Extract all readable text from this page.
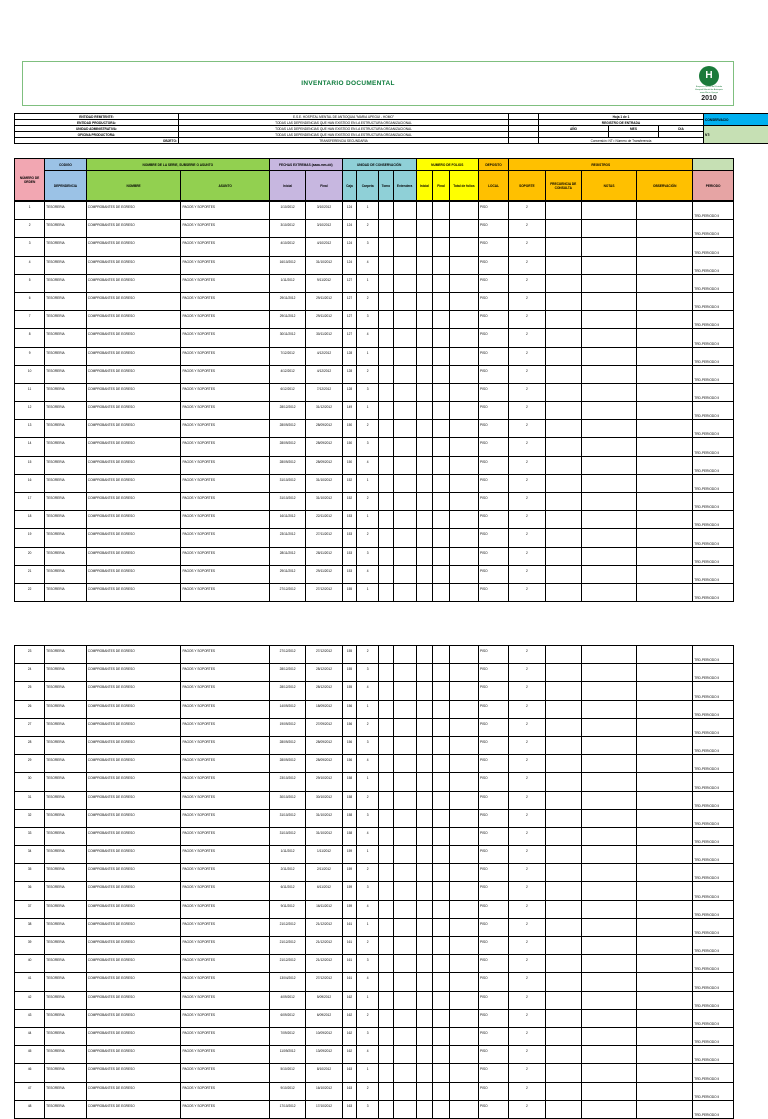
INVENTARIO DOCUMENTAL
H
Empresa Social del Estado
Hospital Mental de Antioquia
www.Maria Upegui
2010
ENTIDAD REMITENTE:	E.S.E. HOSPITAL MENTAL DE ANTIOQUIA "MARIA UPEGUI - HOMO"		Hoja 1 de 1			CONSERVACIO
ENTIDAD PRODUCTORA:	TODAS LAS DEPENDENCIAS QUE HAN EXISTIDO EN LA ESTRUCTURA ORGANIZACIONAL		REGISTRO DE ENTRADA			
UNIDAD ADMINISTRATIVA:	TODAS LAS DEPENDENCIAS QUE HAN EXISTIDO EN LA ESTRUCTURA ORGANIZACIONAL		AÑO	MES	DIA	NT:
OFICINA PRODUCTORA:	TODAS LAS DEPENDENCIAS QUE HAN EXISTIDO EN LA ESTRUCTURA ORGANIZACIONAL					
OBJETO:	TRANSFERENCIA SECUNDARIA		Conversión: NT= Número de Transferencia			
NÚMERO DE ORDEN	CODIGO	NOMBRE DE LA SERIE, SUBSERIE O ASUNTO		FECHAS EXTREMAS (aaaa-mm-dd)		UNIDAD DE CONSERVACIÓN				NUMERO DE FOLIOS			DEPOSITO	REGISTROS				
	DEPENDENCIA	NOMBRE	ASUNTO	Inicial	Final	Caja	Carpeta	Tomo	Extendera	Inicial	Final	Total de folios	LOCAL	SOPORTE	FRECUENCIA DE CONSULTA	NOTAS	OBSERVACIÓN	PERIODO
1	TESORERIA	COMPROBANTES DE EGRESO	PAGOS Y SOPORTES	1/10/2012	3/10/2012	124	1						PISO	2				TRD-PERIODO II
2	TESORERIA	COMPROBANTES DE EGRESO	PAGOS Y SOPORTES	3/10/2012	3/10/2012	124	2						PISO	2				TRD-PERIODO II
3	TESORERIA	COMPROBANTES DE EGRESO	PAGOS Y SOPORTES	4/10/2012	4/10/2012	124	3						PISO	2				TRD-PERIODO II
4	TESORERIA	COMPROBANTES DE EGRESO	PAGOS Y SOPORTES	16/10/2012	31/10/2012	124	4						PISO	2				TRD-PERIODO II
5	TESORERIA	COMPROBANTES DE EGRESO	PAGOS Y SOPORTES	1/11/2012	9/11/2012	127	1						PISO	2				TRD-PERIODO II
6	TESORERIA	COMPROBANTES DE EGRESO	PAGOS Y SOPORTES	29/11/2012	29/11/2012	127	2						PISO	2				TRD-PERIODO II
7	TESORERIA	COMPROBANTES DE EGRESO	PAGOS Y SOPORTES	29/11/2012	29/11/2012	127	3						PISO	2				TRD-PERIODO II
8	TESORERIA	COMPROBANTES DE EGRESO	PAGOS Y SOPORTES	30/11/2012	30/11/2012	127	4						PISO	2				TRD-PERIODO II
9	TESORERIA	COMPROBANTES DE EGRESO	PAGOS Y SOPORTES	7/12/2012	4/12/2012	128	1						PISO	2				TRD-PERIODO II
10	TESORERIA	COMPROBANTES DE EGRESO	PAGOS Y SOPORTES	4/12/2012	4/12/2012	128	2						PISO	2				TRD-PERIODO II
11	TESORERIA	COMPROBANTES DE EGRESO	PAGOS Y SOPORTES	6/12/2012	7/12/2012	128	3						PISO	2				TRD-PERIODO II
12	TESORERIA	COMPROBANTES DE EGRESO	PAGOS Y SOPORTES	28/12/2012	31/12/2012	149	1						PISO	2				TRD-PERIODO II
13	TESORERIA	COMPROBANTES DE EGRESO	PAGOS Y SOPORTES	28/09/2012	28/09/2012	150	2						PISO	2				TRD-PERIODO II
14	TESORERIA	COMPROBANTES DE EGRESO	PAGOS Y SOPORTES	28/09/2012	28/09/2012	150	3						PISO	2				TRD-PERIODO II
15	TESORERIA	COMPROBANTES DE EGRESO	PAGOS Y SOPORTES	28/09/2012	28/09/2012	150	4						PISO	2				TRD-PERIODO II
16	TESORERIA	COMPROBANTES DE EGRESO	PAGOS Y SOPORTES	31/10/2012	31/10/2012	152	1						PISO	2				TRD-PERIODO II
17	TESORERIA	COMPROBANTES DE EGRESO	PAGOS Y SOPORTES	31/10/2012	31/10/2012	152	2						PISO	2				TRD-PERIODO II
18	TESORERIA	COMPROBANTES DE EGRESO	PAGOS Y SOPORTES	16/11/2012	22/11/2012	153	1						PISO	2				TRD-PERIODO II
19	TESORERIA	COMPROBANTES DE EGRESO	PAGOS Y SOPORTES	23/11/2012	27/11/2012	153	2						PISO	2				TRD-PERIODO II
20	TESORERIA	COMPROBANTES DE EGRESO	PAGOS Y SOPORTES	28/11/2012	28/11/2012	153	3						PISO	2				TRD-PERIODO II
21	TESORERIA	COMPROBANTES DE EGRESO	PAGOS Y SOPORTES	29/11/2012	29/11/2012	153	4						PISO	2				TRD-PERIODO II
22	TESORERIA	COMPROBANTES DE EGRESO	PAGOS Y SOPORTES	27/12/2012	27/12/2012	155	1						PISO	2				TRD-PERIODO II
23	TESORERIA	COMPROBANTES DE EGRESO	PAGOS Y SOPORTES	27/12/2012	27/12/2012	155	2						PISO	2				TRD-PERIODO II
24	TESORERIA	COMPROBANTES DE EGRESO	PAGOS Y SOPORTES	28/12/2012	28/12/2012	155	3						PISO	2				TRD-PERIODO II
25	TESORERIA	COMPROBANTES DE EGRESO	PAGOS Y SOPORTES	28/12/2012	28/12/2012	155	4						PISO	2				TRD-PERIODO II
26	TESORERIA	COMPROBANTES DE EGRESO	PAGOS Y SOPORTES	14/09/2012	18/09/2012	156	1						PISO	2				TRD-PERIODO II
27	TESORERIA	COMPROBANTES DE EGRESO	PAGOS Y SOPORTES	19/09/2012	27/09/2012	156	2						PISO	2				TRD-PERIODO II
28	TESORERIA	COMPROBANTES DE EGRESO	PAGOS Y SOPORTES	28/09/2012	28/09/2012	156	3						PISO	2				TRD-PERIODO II
29	TESORERIA	COMPROBANTES DE EGRESO	PAGOS Y SOPORTES	28/09/2012	28/09/2012	156	4						PISO	2				TRD-PERIODO II
30	TESORERIA	COMPROBANTES DE EGRESO	PAGOS Y SOPORTES	23/10/2012	29/10/2012	158	1						PISO	2				TRD-PERIODO II
31	TESORERIA	COMPROBANTES DE EGRESO	PAGOS Y SOPORTES	30/10/2012	30/10/2012	158	2						PISO	2				TRD-PERIODO II
32	TESORERIA	COMPROBANTES DE EGRESO	PAGOS Y SOPORTES	31/10/2012	31/10/2012	158	3						PISO	2				TRD-PERIODO II
33	TESORERIA	COMPROBANTES DE EGRESO	PAGOS Y SOPORTES	31/10/2012	31/10/2012	158	4						PISO	2				TRD-PERIODO II
34	TESORERIA	COMPROBANTES DE EGRESO	PAGOS Y SOPORTES	1/11/2012	1/11/2012	159	1						PISO	2				TRD-PERIODO II
35	TESORERIA	COMPROBANTES DE EGRESO	PAGOS Y SOPORTES	2/11/2012	2/11/2012	159	2						PISO	2				TRD-PERIODO II
36	TESORERIA	COMPROBANTES DE EGRESO	PAGOS Y SOPORTES	6/11/2012	6/11/2012	159	3						PISO	2				TRD-PERIODO II
37	TESORERIA	COMPROBANTES DE EGRESO	PAGOS Y SOPORTES	9/11/2012	16/11/2012	159	4						PISO	2				TRD-PERIODO II
38	TESORERIA	COMPROBANTES DE EGRESO	PAGOS Y SOPORTES	21/12/2012	21/12/2012	161	1						PISO	2				TRD-PERIODO II
39	TESORERIA	COMPROBANTES DE EGRESO	PAGOS Y SOPORTES	21/12/2012	21/12/2012	161	2						PISO	2				TRD-PERIODO II
40	TESORERIA	COMPROBANTES DE EGRESO	PAGOS Y SOPORTES	21/12/2012	21/12/2012	161	3						PISO	2				TRD-PERIODO II
41	TESORERIA	COMPROBANTES DE EGRESO	PAGOS Y SOPORTES	13/04/2012	27/12/2012	161	4						PISO	2				TRD-PERIODO II
42	TESORERIA	COMPROBANTES DE EGRESO	PAGOS Y SOPORTES	4/09/2012	5/09/2012	162	1						PISO	2				TRD-PERIODO II
43	TESORERIA	COMPROBANTES DE EGRESO	PAGOS Y SOPORTES	6/09/2012	6/09/2012	162	2						PISO	2				TRD-PERIODO II
44	TESORERIA	COMPROBANTES DE EGRESO	PAGOS Y SOPORTES	7/09/2012	10/09/2012	162	3						PISO	2				TRD-PERIODO II
45	TESORERIA	COMPROBANTES DE EGRESO	PAGOS Y SOPORTES	11/09/2012	13/09/2012	162	4						PISO	2				TRD-PERIODO II
46	TESORERIA	COMPROBANTES DE EGRESO	PAGOS Y SOPORTES	5/10/2012	8/10/2012	163	1						PISO	2				TRD-PERIODO II
47	TESORERIA	COMPROBANTES DE EGRESO	PAGOS Y SOPORTES	9/10/2012	16/10/2012	163	2						PISO	2				TRD-PERIODO II
48	TESORERIA	COMPROBANTES DE EGRESO	PAGOS Y SOPORTES	17/10/2012	17/10/2012	163	3						PISO	2				TRD-PERIODO II
